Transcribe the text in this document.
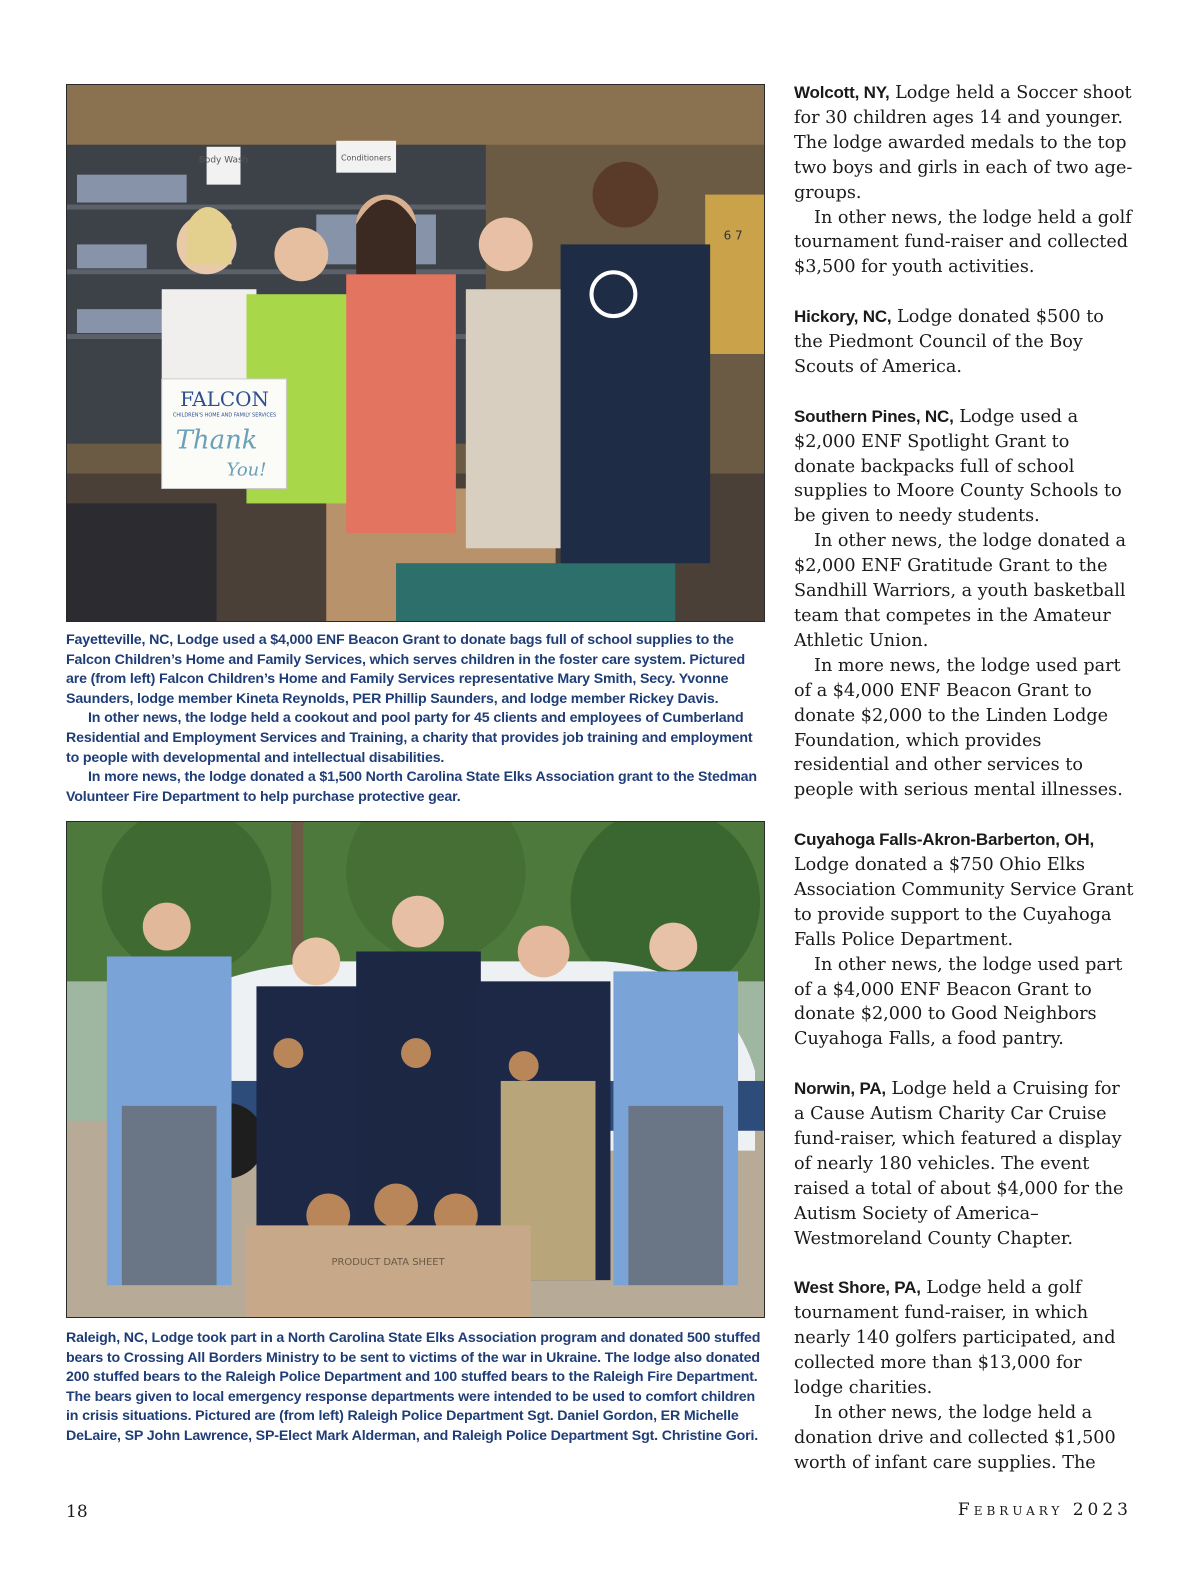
Body Wash	Conditioners
6 7
FALCON
CHILDREN'S HOME AND FAMILY SERVICES
Thank
You!

Fayetteville, NC, Lodge used a $4,000 ENF Beacon Grant to donate bags full of school supplies to the Falcon Children’s Home and Family Services, which serves children in the foster care system. Pictured are (from left) Falcon Children’s Home and Family Services representative Mary Smith, Secy. Yvonne Saunders, lodge member Kineta Reynolds, PER Phillip Saunders, and lodge member Rickey Davis.

In other news, the lodge held a cookout and pool party for 45 clients and employees of Cumberland Residential and Employment Services and Training, a charity that provides job training and employment to people with developmental and intellectual disabilities.

In more news, the lodge donated a $1,500 North Carolina State Elks Association grant to the Stedman Volunteer Fire Department to help purchase protective gear.

PRODUCT DATA SHEET

Raleigh, NC, Lodge took part in a North Carolina State Elks Association program and donated 500 stuffed bears to Crossing All Borders Ministry to be sent to victims of the war in Ukraine. The lodge also donated 200 stuffed bears to the Raleigh Police Department and 100 stuffed bears to the Raleigh Fire Department. The bears given to local emergency response departments were intended to be used to comfort children in crisis situations. Pictured are (from left) Raleigh Police Department Sgt. Daniel Gordon, ER Michelle DeLaire, SP John Lawrence, SP-Elect Mark Alderman, and Raleigh Police Department Sgt. Christine Gori.

Wolcott, NY, Lodge held a Soccer shoot for 30 children ages 14 and younger. The lodge awarded medals to the top two boys and girls in each of two age-groups.

In other news, the lodge held a golf tournament fund-raiser and collected $3,500 for youth activities.

Hickory, NC, Lodge donated $500 to the Piedmont Council of the Boy Scouts of America.

Southern Pines, NC, Lodge used a $2,000 ENF Spotlight Grant to donate backpacks full of school supplies to Moore County Schools to be given to needy students.

In other news, the lodge donated a $2,000 ENF Gratitude Grant to the Sandhill Warriors, a youth basketball team that competes in the Amateur Athletic Union.

In more news, the lodge used part of a $4,000 ENF Beacon Grant to donate $2,000 to the Linden Lodge Foundation, which provides residential and other services to people with serious mental illnesses.

Cuyahoga Falls-Akron-Barberton, OH, Lodge donated a $750 Ohio Elks Association Community Service Grant to provide support to the Cuyahoga Falls Police Department.

In other news, the lodge used part of a $4,000 ENF Beacon Grant to donate $2,000 to Good Neighbors Cuyahoga Falls, a food pantry.

Norwin, PA, Lodge held a Cruising for a Cause Autism Charity Car Cruise fund-raiser, which featured a display of nearly 180 vehicles. The event raised a total of about $4,000 for the Autism Society of America–Westmoreland County Chapter.

West Shore, PA, Lodge held a golf tournament fund-raiser, in which nearly 140 golfers participated, and collected more than $13,000 for lodge charities.

In other news, the lodge held a donation drive and collected $1,500 worth of infant care supplies. The

18	February 2023
